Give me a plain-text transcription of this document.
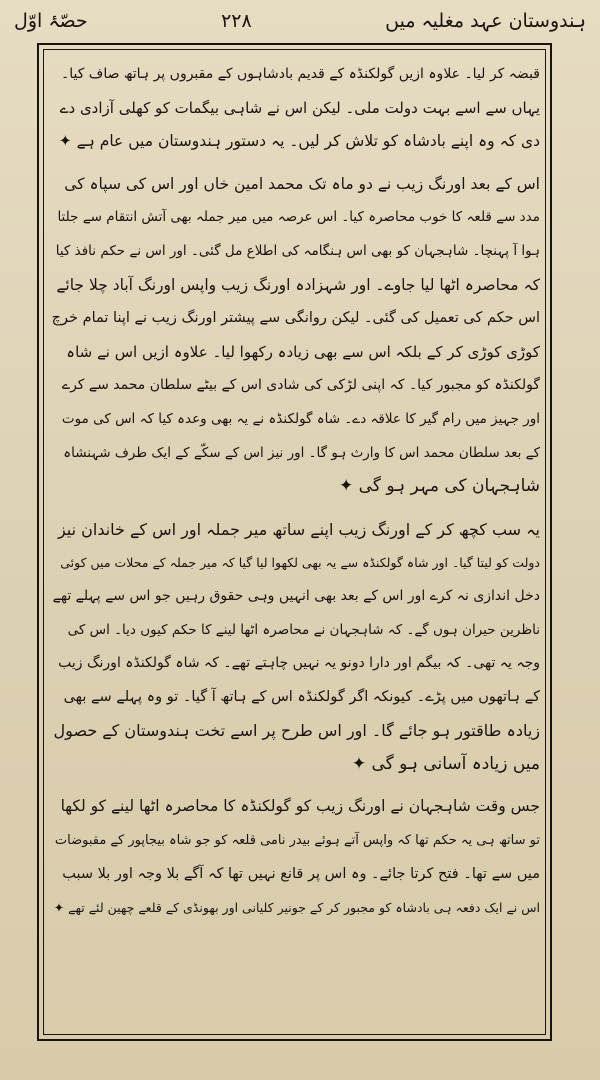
ہندوستان عہد مغلیہ میں
۲۲۸
حصّۂ اوّل
قبضہ کر لیا۔ علاوہ ازیں گولکنڈہ کے قدیم بادشاہوں کے مقبروں پر ہاتھ صاف کیا۔
یہاں سے اسے بہت دولت ملی۔ لیکن اس نے شاہی بیگمات کو کھلی آزادی دے
دی کہ وہ اپنے بادشاہ کو تلاش کر لیں۔ یہ دستور ہندوستان میں عام ہے ✦
اس کے بعد اورنگ زیب نے دو ماہ تک محمد امین خاں اور اس کی سپاہ کی
مدد سے قلعہ کا خوب محاصرہ کیا۔ اس عرصہ میں میر جملہ بھی آتش انتقام سے جلتا
ہوا آ پہنچا۔ شاہجہان کو بھی اس ہنگامہ کی اطلاع مل گئی۔ اور اس نے حکم نافذ کیا
کہ محاصرہ اٹھا لیا جاوے۔ اور شہزادہ اورنگ زیب واپس اورنگ آباد چلا جائے
اس حکم کی تعمیل کی گئی۔ لیکن روانگی سے پیشتر اورنگ زیب نے اپنا تمام خرچ
کوڑی کوڑی کر کے بلکہ اس سے بھی زیادہ رکھوا لیا۔ علاوہ ازیں اس نے شاہ
گولکنڈہ کو مجبور کیا۔ کہ اپنی لڑکی کی شادی اس کے بیٹے سلطان محمد سے کرے
اور جہیز میں رام گیر کا علاقہ دے۔ شاہ گولکنڈہ نے یہ بھی وعدہ کیا کہ اس کی موت
کے بعد سلطان محمد اس کا وارث ہو گا۔ اور نیز اس کے سکّے کے ایک طرف شہنشاہ
شاہجہان کی مہر ہو گی ✦
یہ سب کچھ کر کے اورنگ زیب اپنے ساتھ میر جملہ اور اس کے خاندان نیز
دولت کو لیتا گیا۔ اور شاہ گولکنڈہ سے یہ بھی لکھوا لیا گیا کہ میر جملہ کے محلات میں کوئی
دخل اندازی نہ کرے اور اس کے بعد بھی انہیں وہی حقوق رہیں جو اس سے پہلے تھے
ناظرین حیران ہوں گے۔ کہ شاہجہان نے محاصرہ اٹھا لینے کا حکم کیوں دیا۔ اس کی
وجہ یہ تھی۔ کہ بیگم اور دارا دونو یہ نہیں چاہتے تھے۔ کہ شاہ گولکنڈہ اورنگ زیب
کے ہاتھوں میں پڑے۔ کیونکہ اگر گولکنڈہ اس کے ہاتھ آ گیا۔ تو وہ پہلے سے بھی
زیادہ طاقتور ہو جائے گا۔ اور اس طرح پر اسے تخت ہندوستان کے حصول
میں زیادہ آسانی ہو گی ✦
جس وقت شاہجہان نے اورنگ زیب کو گولکنڈہ کا محاصرہ اٹھا لینے کو لکھا
تو ساتھ ہی یہ حکم تھا کہ واپس آتے ہوئے بیدر نامی قلعہ کو جو شاہ بیجاپور کے مقبوضات
میں سے تھا۔ فتح کرتا جائے۔ وہ اس پر قانع نہیں تھا کہ آگے بلا وجہ اور بلا سبب
اس نے ایک دفعہ ہی بادشاہ کو مجبور کر کے جونیر کلیانی اور بھونڈی کے قلعے چھین لئے تھے ✦
